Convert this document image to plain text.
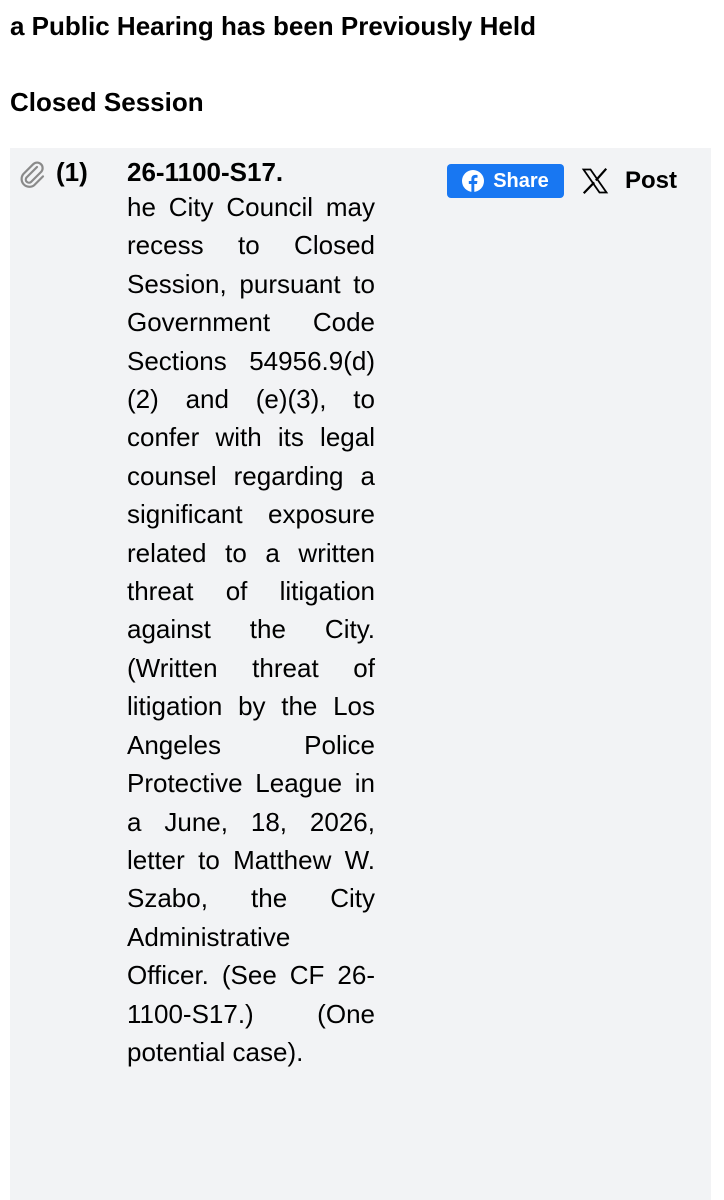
a Public Hearing has been Previously Held
Closed Session
(1) 26-1100-S17.

he City Council may recess to Closed Session, pursuant to Government Code Sections 54956.9(d)(2) and (e)(3), to confer with its legal counsel regarding a significant exposure related to a written threat of litigation against the City. (Written threat of litigation by the Los Angeles Police Protective League in a June, 18, 2026, letter to Matthew W. Szabo, the City Administrative Officer. (See CF 26-1100-S17.) (One potential case).

Share	Post
